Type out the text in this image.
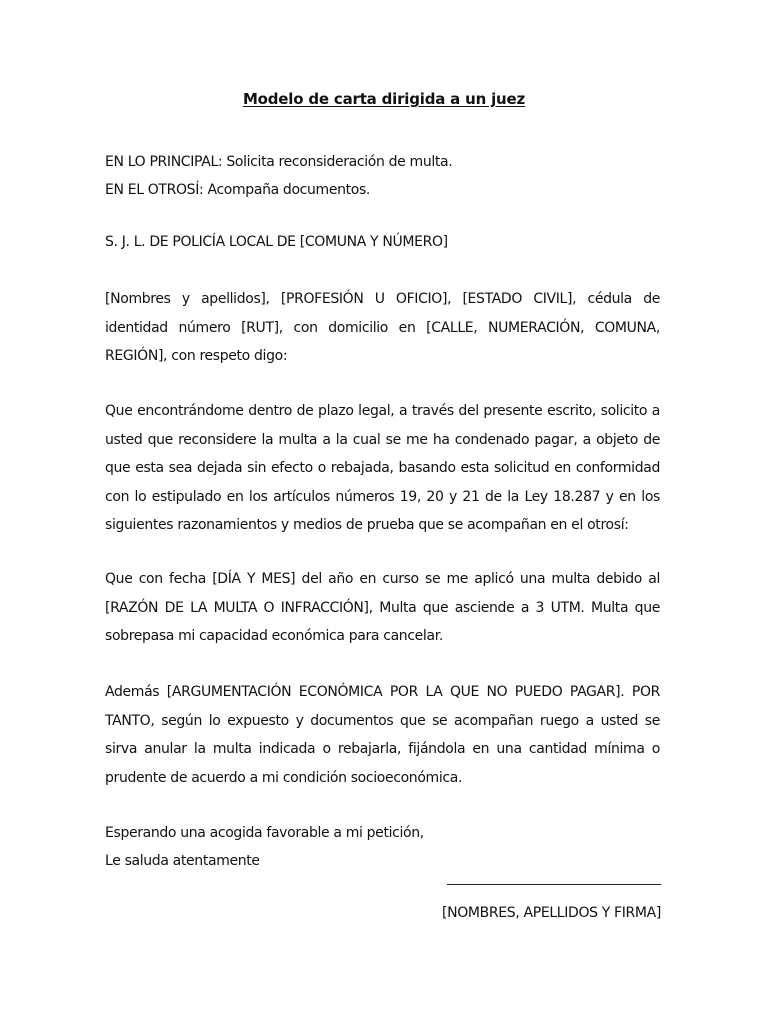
Modelo de carta dirigida a un juez
EN LO PRINCIPAL: Solicita reconsideración de multa.
EN EL OTROSÍ: Acompaña documentos.
S. J. L. DE POLICÍA LOCAL DE [COMUNA Y NÚMERO]
[Nombres y apellidos], [PROFESIÓN U OFICIO], [ESTADO CIVIL], cédula de identidad número [RUT], con domicilio en [CALLE, NUMERACIÓN, COMUNA, REGIÓN], con respeto digo:
Que encontrándome dentro de plazo legal, a través del presente escrito, solicito a usted que reconsidere la multa a la cual se me ha condenado pagar, a objeto de que esta sea dejada sin efecto o rebajada, basando esta solicitud en conformidad con lo estipulado en los artículos números 19, 20 y 21 de la Ley 18.287 y en los siguientes razonamientos y medios de prueba que se acompañan en el otrosí:
Que con fecha [DÍA Y MES] del año en curso se me aplicó una multa debido al [RAZÓN DE LA MULTA O INFRACCIÓN], Multa que asciende a 3 UTM. Multa que sobrepasa mi capacidad económica para cancelar.
Además [ARGUMENTACIÓN ECONÓMICA POR LA QUE NO PUEDO PAGAR]. POR TANTO, según lo expuesto y documentos que se acompañan ruego a usted se sirva anular la multa indicada o rebajarla, fijándola en una cantidad mínima o prudente de acuerdo a mi condición socioeconómica.
Esperando una acogida favorable a mi petición,
Le saluda atentamente
[NOMBRES, APELLIDOS Y FIRMA]
